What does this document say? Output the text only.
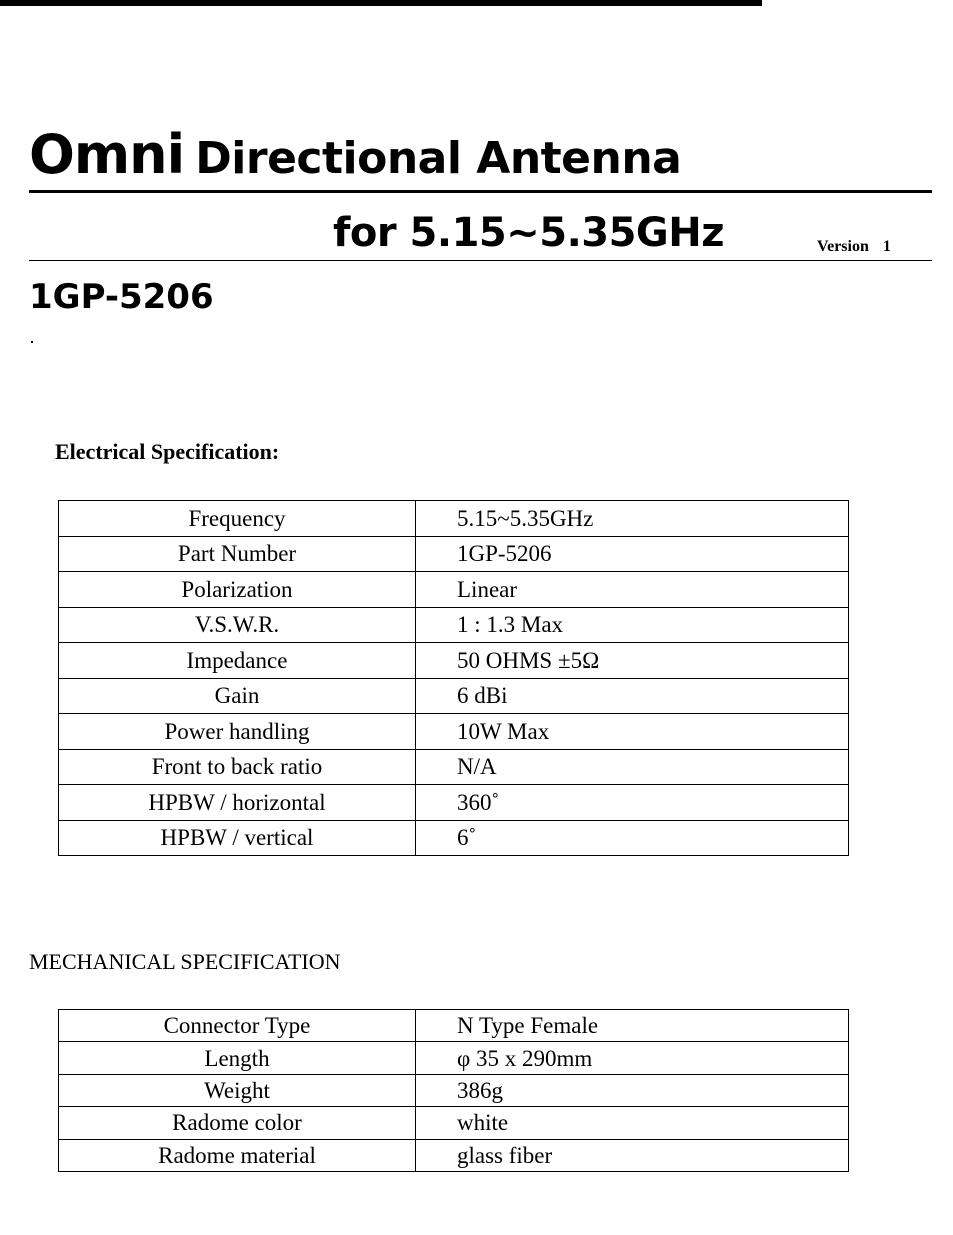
Omni Directional Antenna
for 5.15~5.35GHz	Version 1
1GP-5206
Electrical Specification:
Frequency	5.15~5.35GHz
Part Number	1GP-5206
Polarization	Linear
V.S.W.R.	1 : 1.3 Max
Impedance	50 OHMS ±5Ω
Gain	6 dBi
Power handling	10W Max
Front to back ratio	N/A
HPBW / horizontal	360˚
HPBW / vertical	6˚
MECHANICAL SPECIFICATION
Connector Type	N Type Female
Length	φ 35 x 290mm
Weight	386g
Radome color	white
Radome material	glass fiber
